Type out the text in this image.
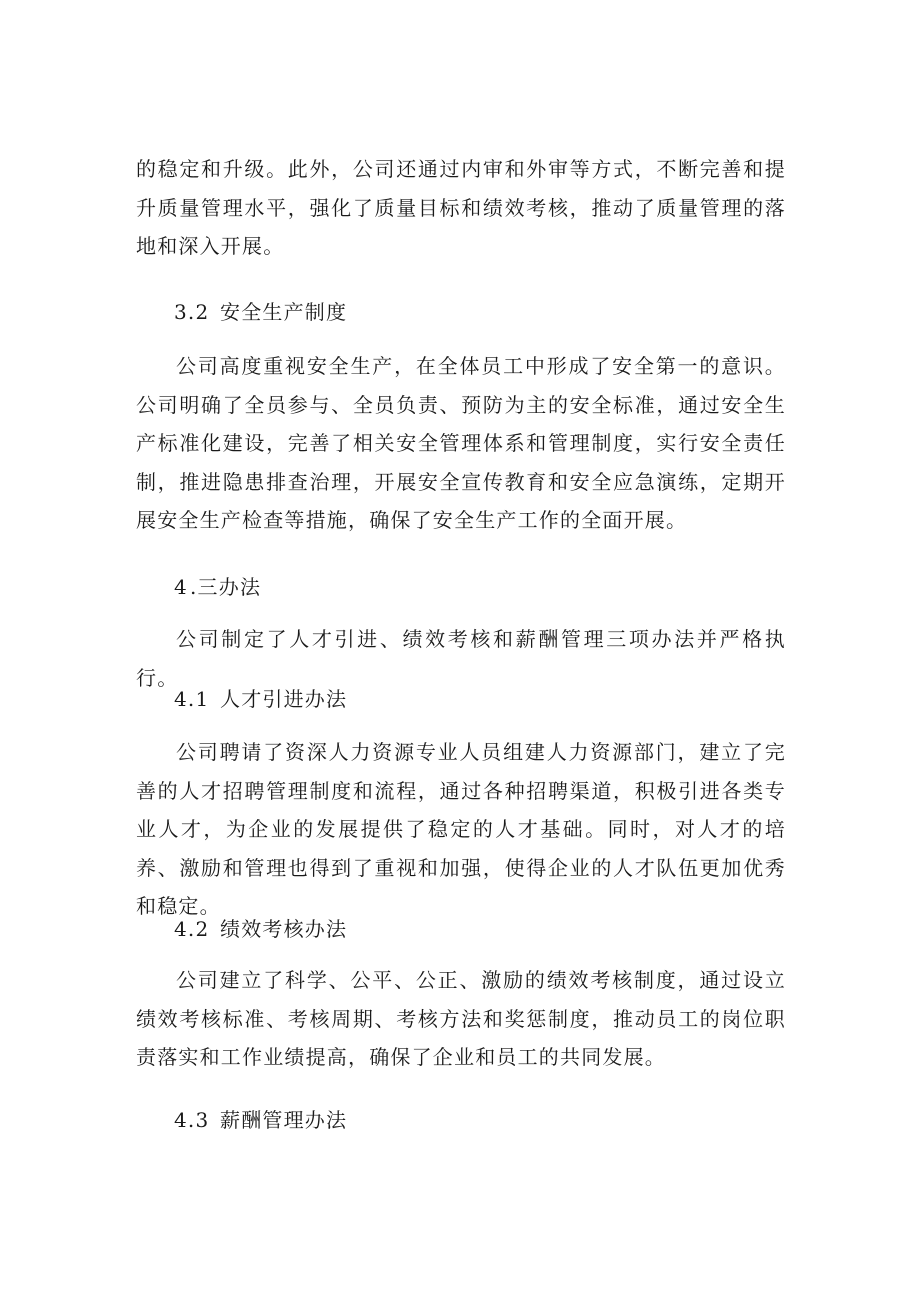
的稳定和升级。此外，公司还通过内审和外审等方式，不断完善和提升质量管理水平，强化了质量目标和绩效考核，推动了质量管理的落地和深入开展。

3.2 安全生产制度

公司高度重视安全生产，在全体员工中形成了安全第一的意识。公司明确了全员参与、全员负责、预防为主的安全标准，通过安全生产标准化建设，完善了相关安全管理体系和管理制度，实行安全责任制，推进隐患排查治理，开展安全宣传教育和安全应急演练，定期开展安全生产检查等措施，确保了安全生产工作的全面开展。

4 .三办法

公司制定了人才引进、绩效考核和薪酬管理三项办法并严格执行。

4.1 人才引进办法

公司聘请了资深人力资源专业人员组建人力资源部门，建立了完善的人才招聘管理制度和流程，通过各种招聘渠道，积极引进各类专业人才，为企业的发展提供了稳定的人才基础。同时，对人才的培养、激励和管理也得到了重视和加强，使得企业的人才队伍更加优秀和稳定。

4.2 绩效考核办法

公司建立了科学、公平、公正、激励的绩效考核制度，通过设立绩效考核标准、考核周期、考核方法和奖惩制度，推动员工的岗位职责落实和工作业绩提高，确保了企业和员工的共同发展。

4.3 薪酬管理办法
